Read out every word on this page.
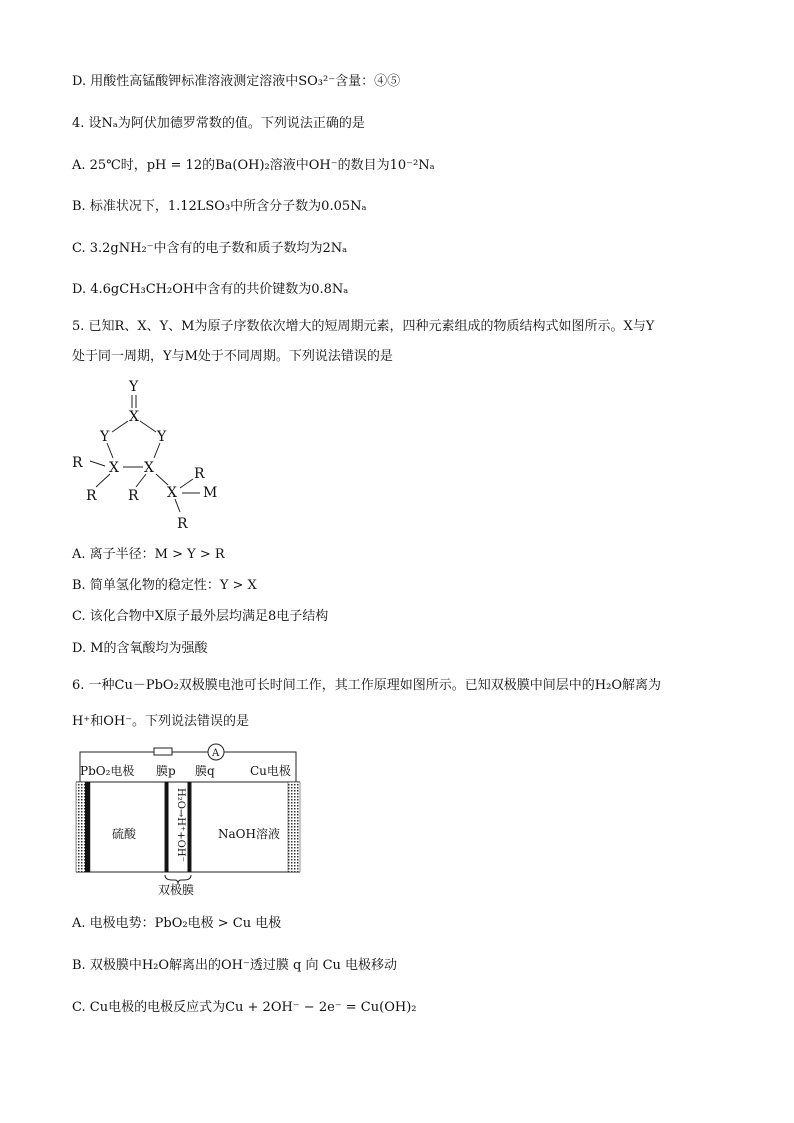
D. 用酸性高锰酸钾标准溶液测定溶液中SO₃²⁻含量：④⑤
4. 设Nₐ为阿伏加德罗常数的值。下列说法正确的是
A. 25℃时，pH = 12的Ba(OH)₂溶液中OH⁻的数目为10⁻²Nₐ
B. 标准状况下，1.12LSO₃中所含分子数为0.05Nₐ
C. 3.2gNH₂⁻中含有的电子数和质子数均为2Nₐ
D. 4.6gCH₃CH₂OH中含有的共价键数为0.8Nₐ
5. 已知R、X、Y、M为原子序数依次增大的短周期元素，四种元素组成的物质结构式如图所示。X与Y
处于同一周期，Y与M处于不同周期。下列说法错误的是
Y
X
Y	Y
R X X
R R
R
X M
R
A. 离子半径：M > Y > R
B. 简单氢化物的稳定性：Y > X
C. 该化合物中X原子最外层均满足8电子结构
D. M的含氧酸均为强酸
6. 一种Cu－PbO₂双极膜电池可长时间工作，其工作原理如图所示。已知双极膜中间层中的H₂O解离为
H⁺和OH⁻。下列说法错误的是
A
PbO₂电极 膜p 膜q	Cu电极
硫酸	NaOH溶液
双极膜
H₂O→H⁺+OH⁻
A. 电极电势：PbO₂电极 > Cu 电极
B. 双极膜中H₂O解离出的OH⁻透过膜 q 向 Cu 电极移动
C. Cu电极的电极反应式为Cu + 2OH⁻ − 2e⁻ = Cu(OH)₂
